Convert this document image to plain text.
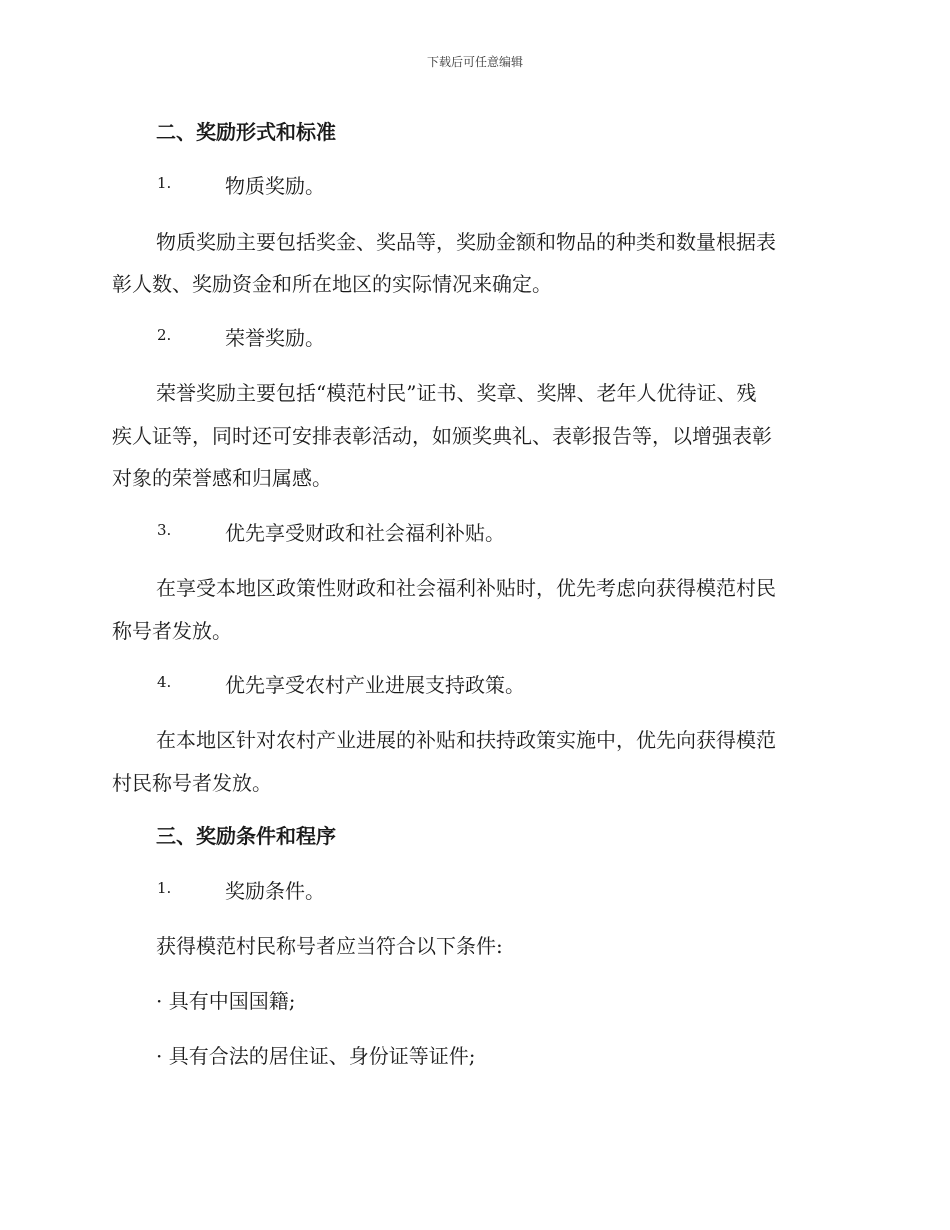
下载后可任意编辑
二、奖励形式和标准
1.	物质奖励。
物质奖励主要包括奖金、奖品等，奖励金额和物品的种类和数量根据表
彰人数、奖励资金和所在地区的实际情况来确定。
2.	荣誉奖励。
荣誉奖励主要包括“模范村民”证书、奖章、奖牌、老年人优待证、残
疾人证等，同时还可安排表彰活动，如颁奖典礼、表彰报告等，以增强表彰
对象的荣誉感和归属感。
3.	优先享受财政和社会福利补贴。
在享受本地区政策性财政和社会福利补贴时，优先考虑向获得模范村民
称号者发放。
4.	优先享受农村产业进展支持政策。
在本地区针对农村产业进展的补贴和扶持政策实施中，优先向获得模范
村民称号者发放。
三、奖励条件和程序
1.	奖励条件。
获得模范村民称号者应当符合以下条件:
· 具有中国国籍;
· 具有合法的居住证、身份证等证件;
